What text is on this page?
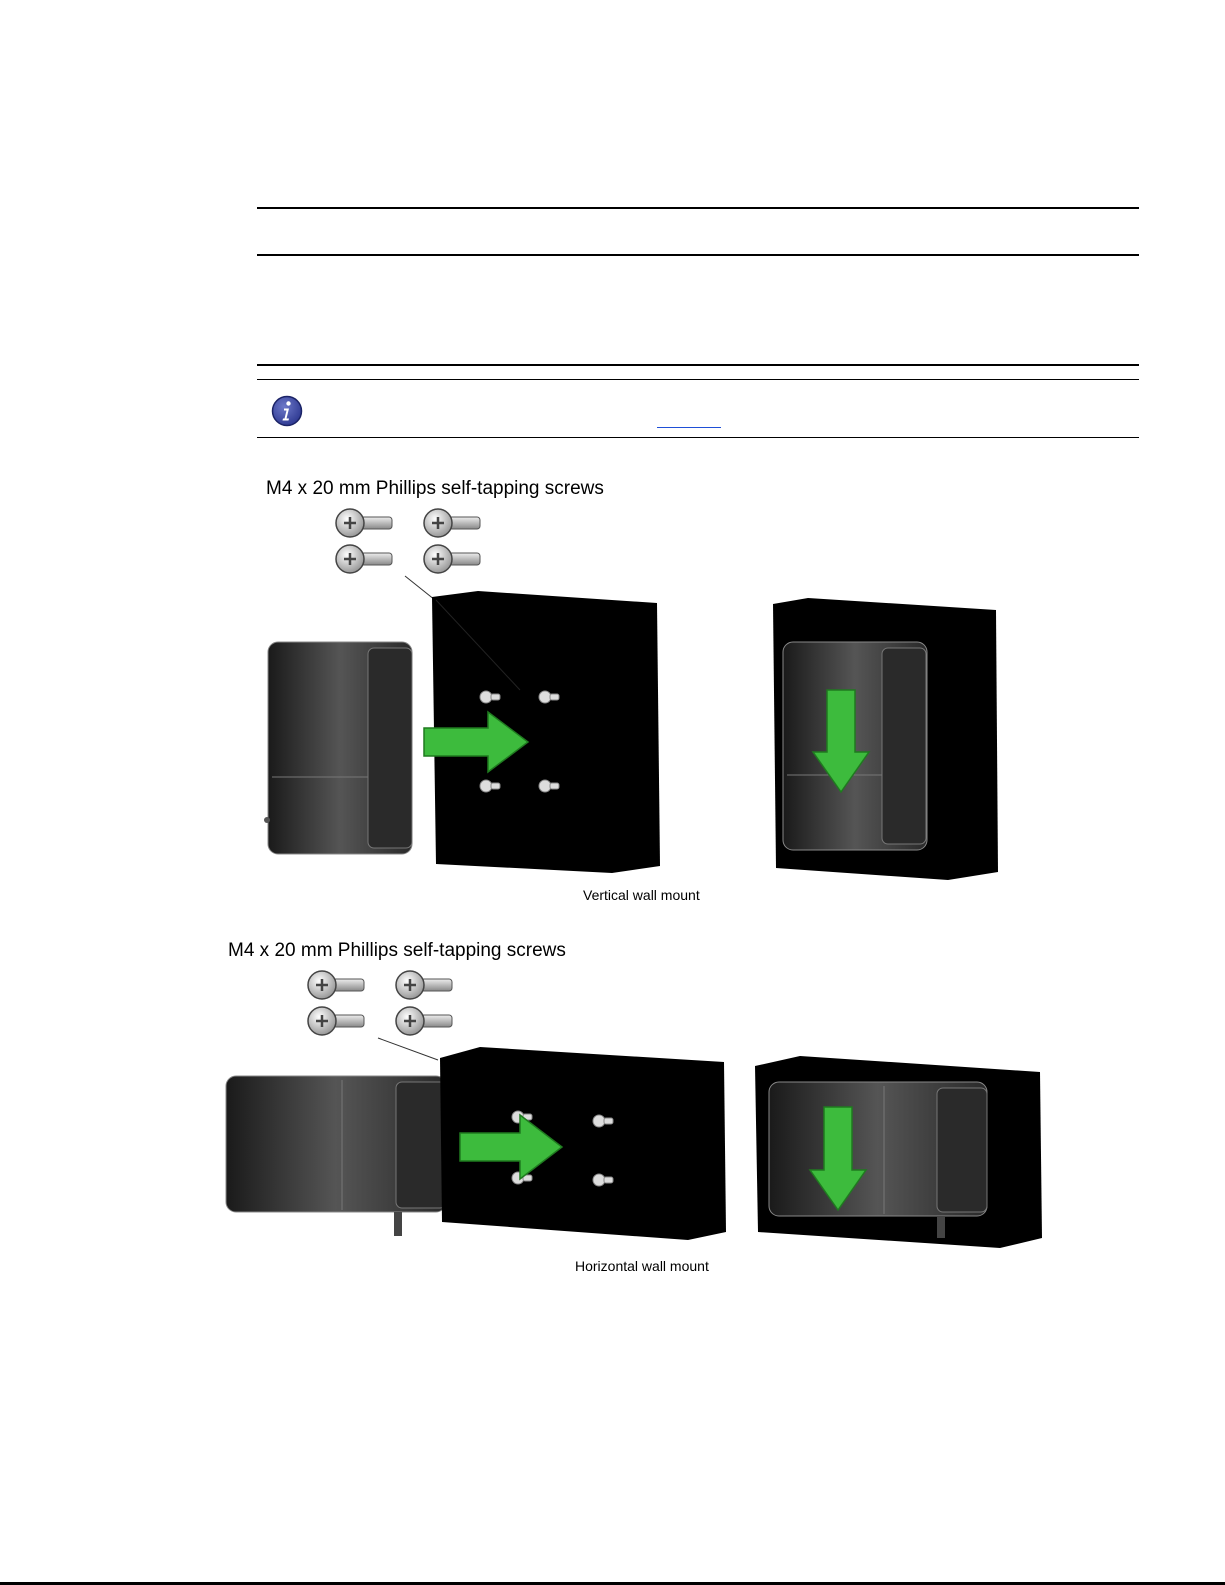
M4 x 20 mm Phillips self-tapping screws
Vertical wall mount
M4 x 20 mm Phillips self-tapping screws
Horizontal wall mount
